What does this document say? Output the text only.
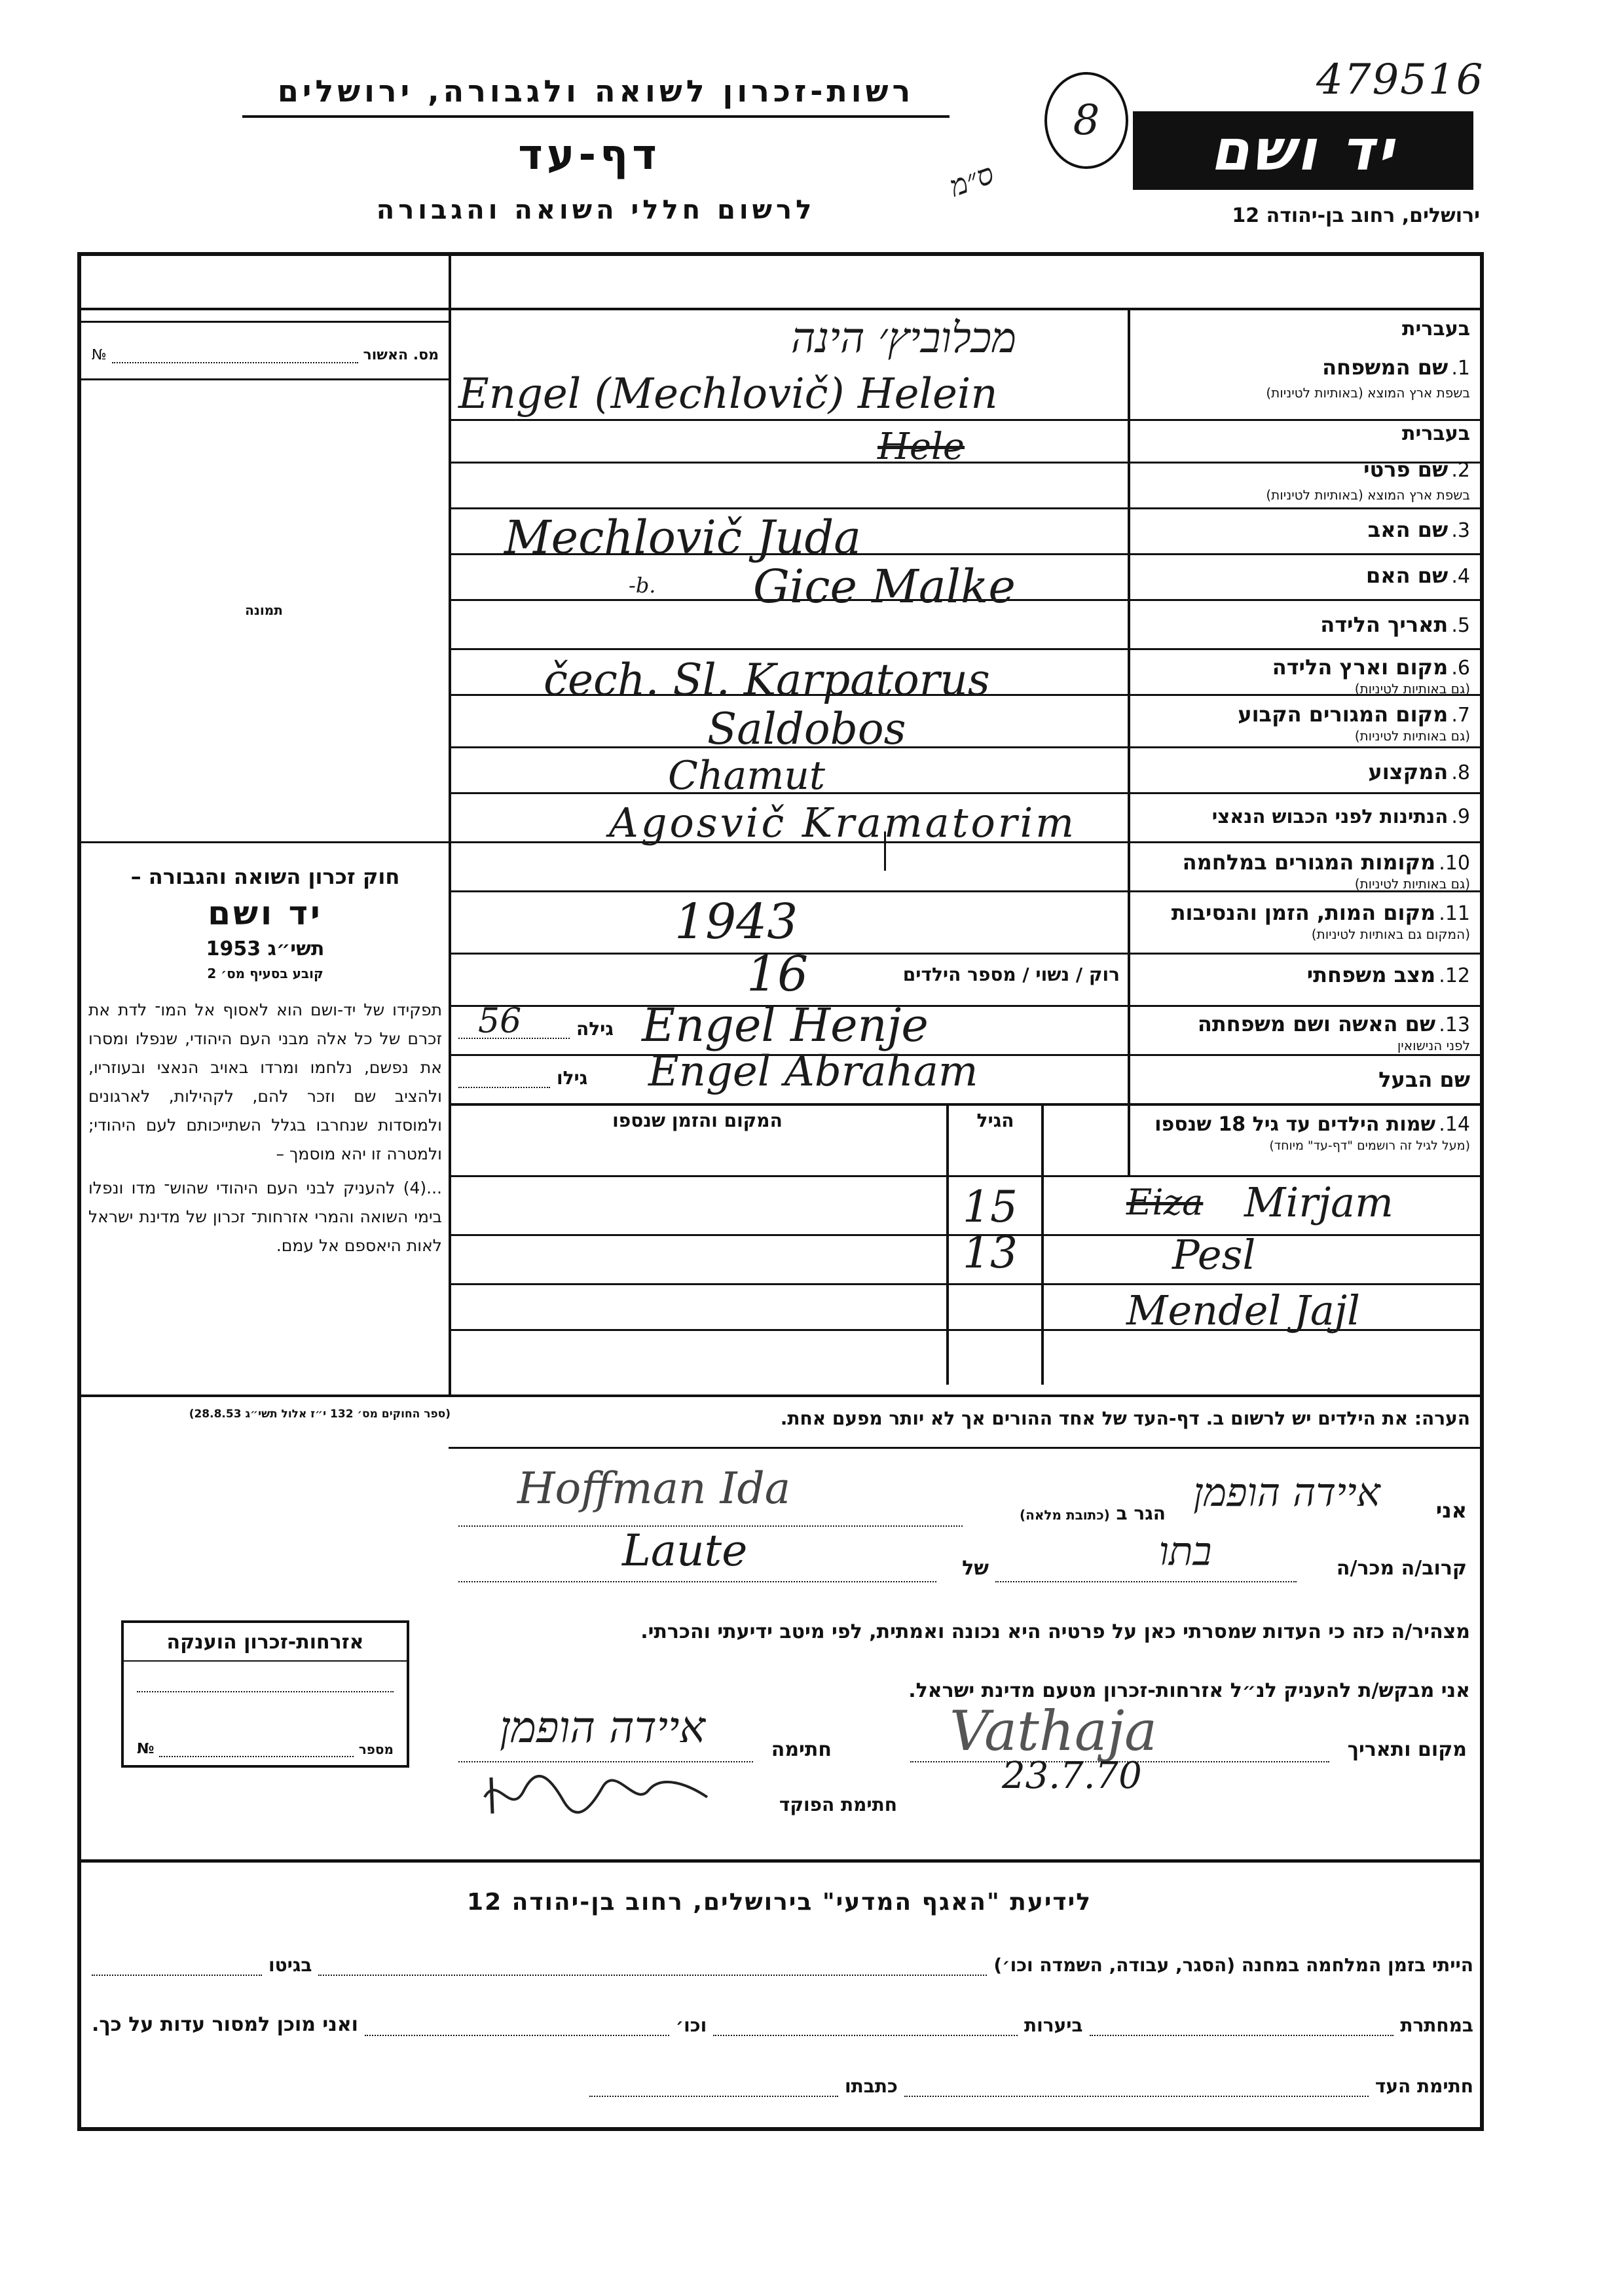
479516
רשות-זכרון לשואה ולגבורה, ירושלים
דף-עד
לרשום חללי השואה והגבורה
8
ס״מ	יד ושם
ירושלים, רחוב בן-יהודה 12
מס. האשור
№
תמונה
חוק זכרון השואה והגבורה –
יד ושם
תשי״ג 1953
קובע בסעיף מס׳ 2
תפקידו של יד-ושם הוא לאסוף אל המו־ לדת את זכרם של כל אלה מבני העם היהודי, שנפלו ומסרו את נפשם, נלחמו ומרדו באויב הנאצי ובעוזריו, ולהציב שם וזכר להם, לקהילות, לארגונים ולמוסדות שנחרבו בגלל השתייכותם לעם היהודי; ולמטרה זו יהא מוסמך –
...(4) להעניק לבני העם היהודי שהוש־ מדו ונפלו בימי השואה והמרי אזרחות־ זכרון של מדינת ישראל לאות היאספם אל עמם.
(ספר החוקים מס׳ 132 י״ז אלול תשי״ג 28.8.53)
אזרחות-זכרון הוענקה
מספר
№
בעברית
1. שם המשפחה
בשפת ארץ המוצא (באותיות לטיניות)
בעברית
2. שם פרטי
בשפת ארץ המוצא (באותיות לטיניות)
3. שם האב
4. שם האם
5. תאריך הלידה
6. מקום וארץ הלידה
(גם באותיות לטיניות)
7. מקום המגורים הקבוע
(גם באותיות לטיניות)
8. המקצוע
9. הנתינות לפני הכבוש הנאצי
10. מקומות המגורים במלחמה
(גם באותיות לטיניות)
11. מקום המות, הזמן והנסיבות
(המקום גם באותיות לטיניות)
12. מצב משפחתי
רוק / נשוי / מספר הילדים
13. שם האשה ושם משפחתה
לפני הנישואין
שם הבעל
גילה
גילו
מכלוביץ׳ הינה
Engel (Mechlovič) Helein
Hele
Mechlovič Juda
-b. Gice Malke
čech. Sl. Karpatorus
Saldobos
Chamut
Agosvič Kramatorim
1943
16
56	Engel Henje
Engel Abraham
14. שמות הילדים עד גיל 18 שנספו
(מעל לגיל זה רושמים "דף-עד" מיוחד)
הגיל
המקום והזמן שנספו
Eiza Mirjam
15
Pesl
13
Mendel Jajl
הערה: את הילדים יש לרשום ב. דף-העד של אחד ההורים אך לא יותר מפעם אחת.
אני
איידה הופמן
הגר ב (כתובת מלאה)
Hoffman Ida
קרוב/ה מכר/ה
בתו
של
Laute
מצהיר/ה כזה כי העדות שמסרתי כאן על פרטיה היא נכונה ואמתית, לפי מיטב ידיעתי והכרתי.
אני מבקש/ת להעניק לנ״ל אזרחות-זכרון מטעם מדינת ישראל.
מקום ותאריך
Vathaja
23.7.70
חתימה
איידה הופמן
חתימת הפוקד
לידיעת "האגף המדעי" בירושלים, רחוב בן-יהודה 12
הייתי בזמן המלחמה במחנה (הסגר, עבודה, השמדה וכו׳)
בגיטו
במחתרת
ביערות
וכו׳
ואני מוכן למסור עדות על כך.
חתימת העד
כתבתו
